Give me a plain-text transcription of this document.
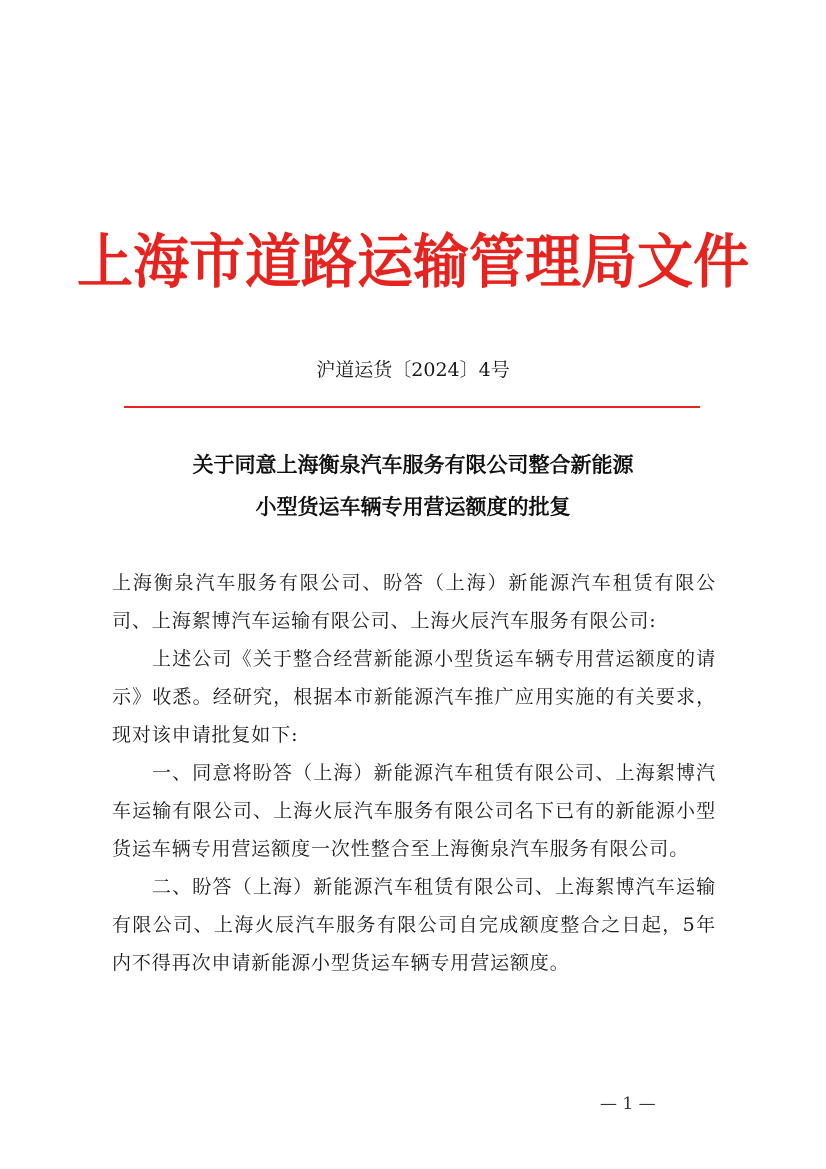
上海市道路运输管理局文件
沪道运货〔2024〕4号
关于同意上海衡泉汽车服务有限公司整合新能源
小型货运车辆专用营运额度的批复

上海衡泉汽车服务有限公司、盼答（上海）新能源汽车租赁有限公司、上海絮博汽车运输有限公司、上海火辰汽车服务有限公司:

上述公司《关于整合经营新能源小型货运车辆专用营运额度的请示》收悉。经研究，根据本市新能源汽车推广应用实施的有关要求，现对该申请批复如下:

一、同意将盼答（上海）新能源汽车租赁有限公司、上海絮博汽车运输有限公司、上海火辰汽车服务有限公司名下已有的新能源小型货运车辆专用营运额度一次性整合至上海衡泉汽车服务有限公司。

二、盼答（上海）新能源汽车租赁有限公司、上海絮博汽车运输有限公司、上海火辰汽车服务有限公司自完成额度整合之日起，5年内不得再次申请新能源小型货运车辆专用营运额度。

— 1 —
